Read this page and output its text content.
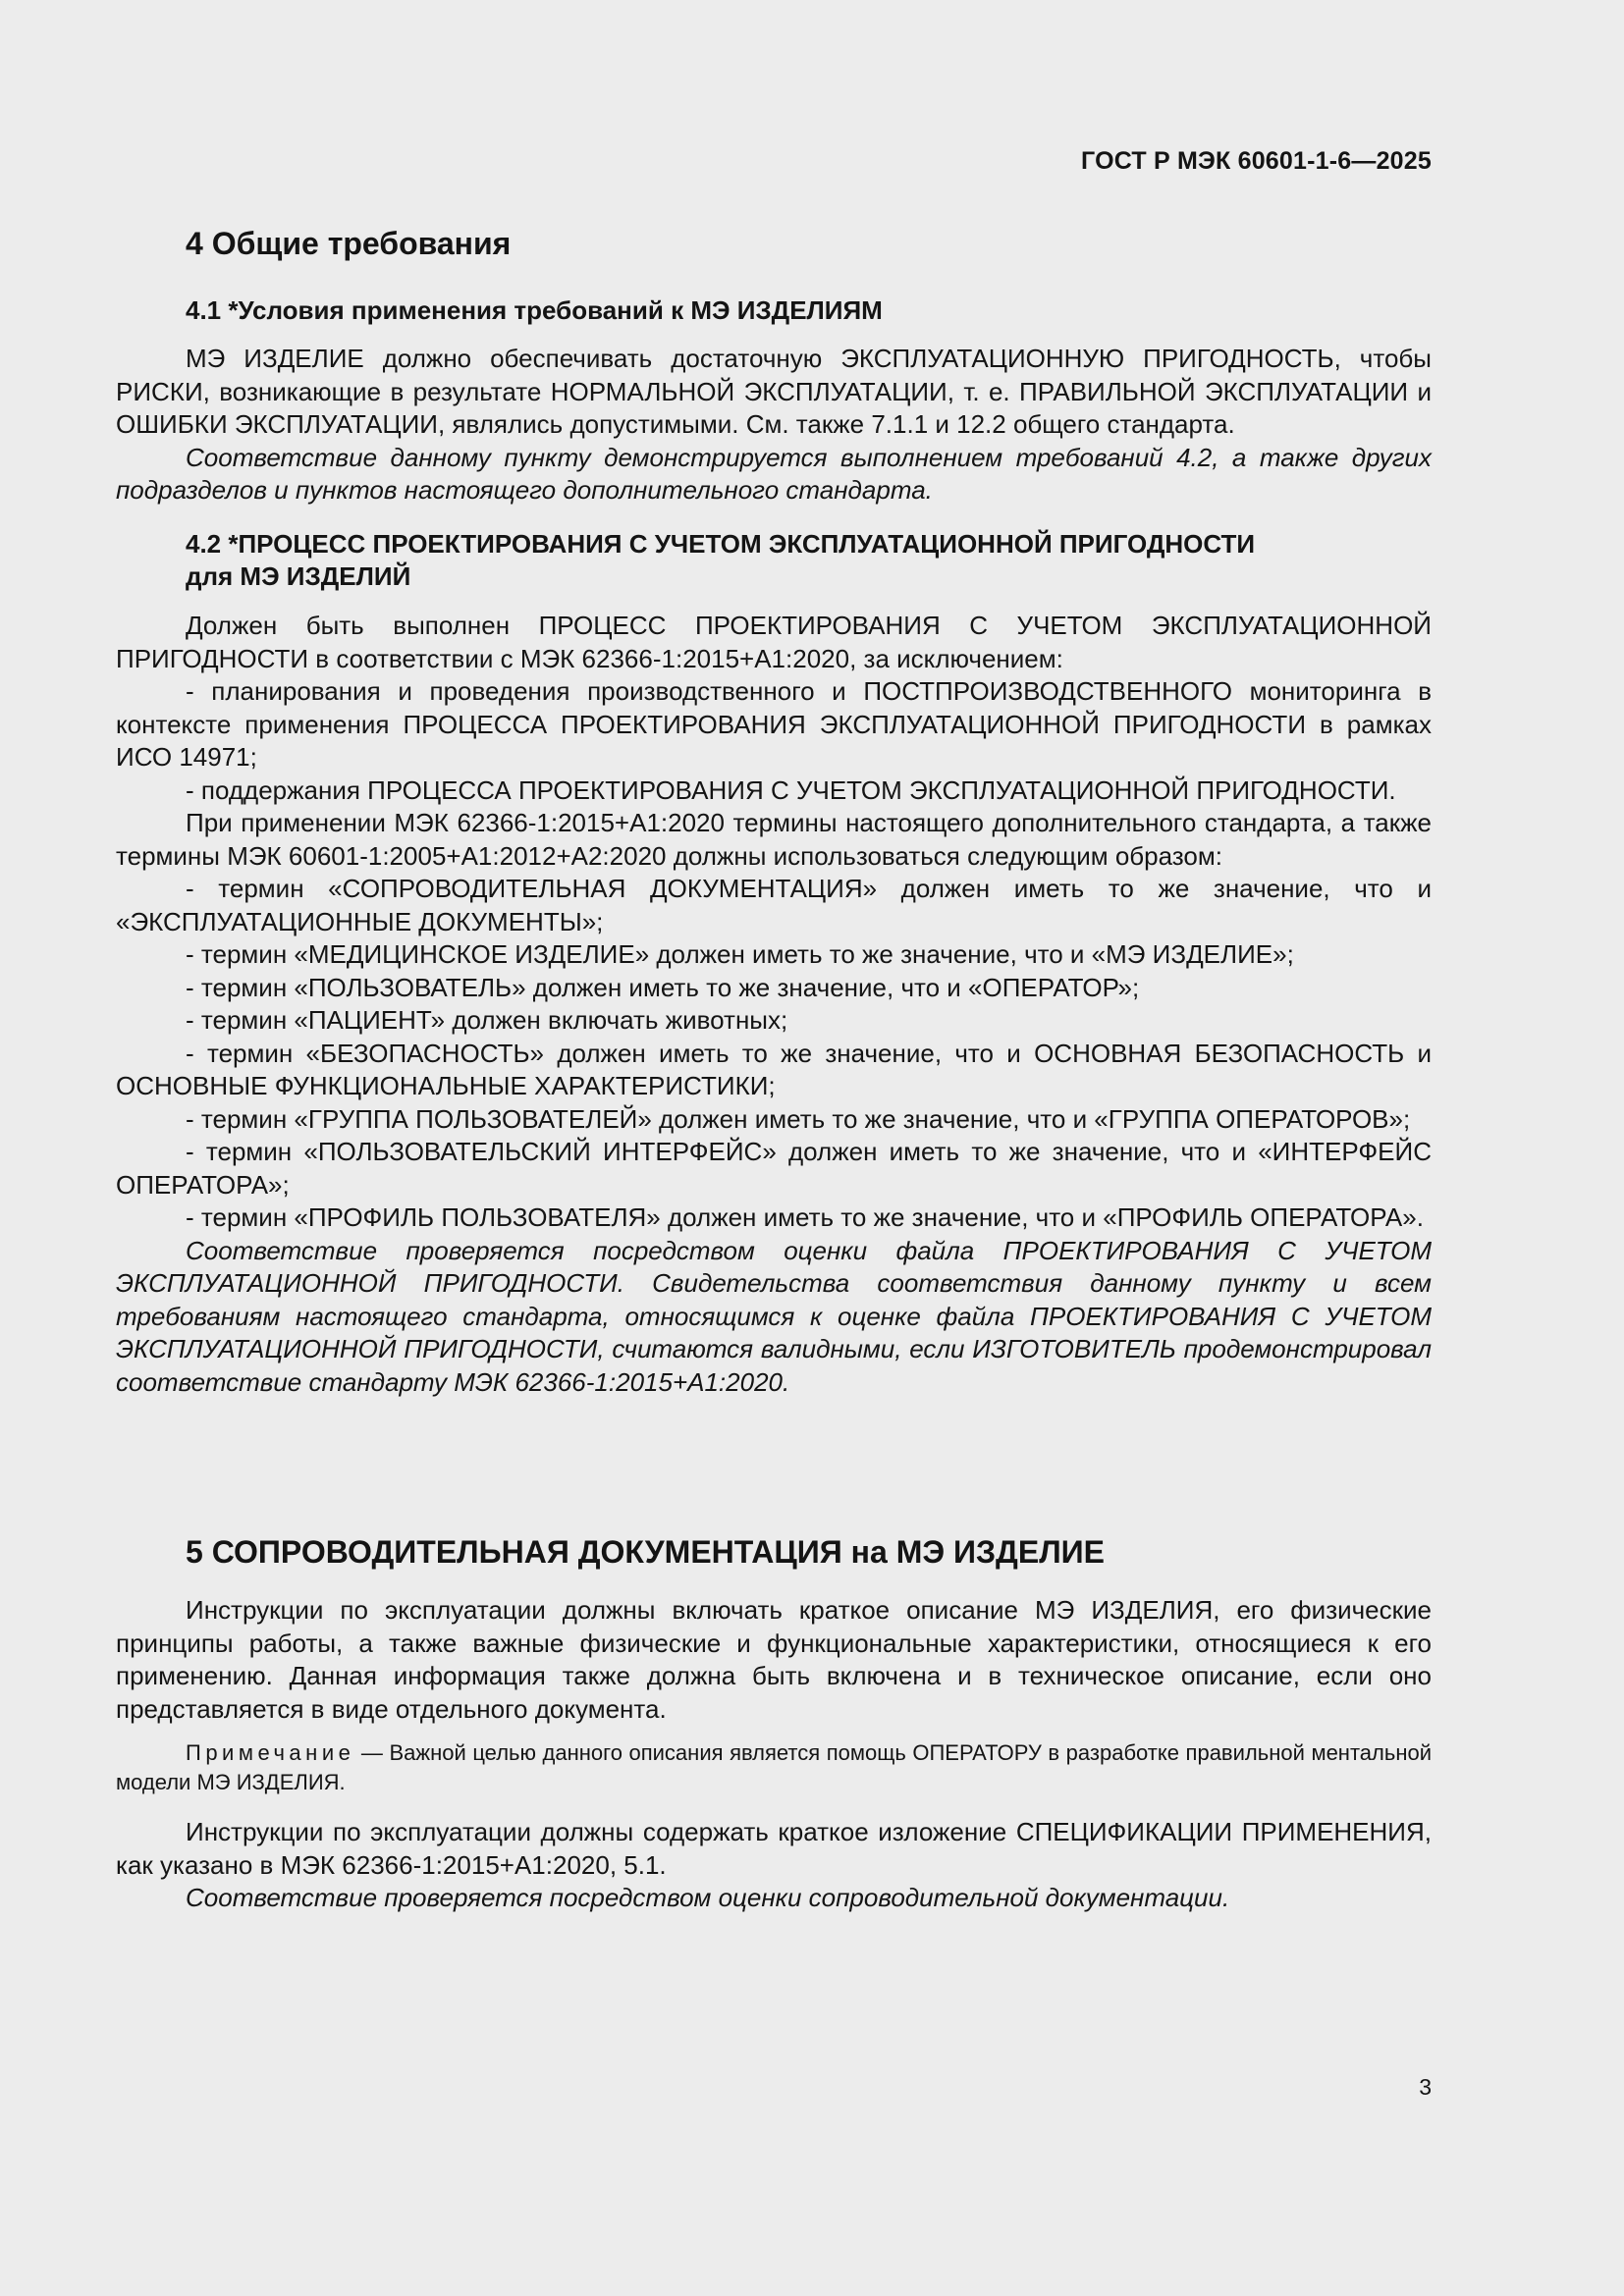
ГОСТ Р МЭК 60601-1-6—2025
4 Общие требования
4.1 *Условия применения требований к МЭ ИЗДЕЛИЯМ

МЭ ИЗДЕЛИЕ должно обеспечивать достаточную ЭКСПЛУАТАЦИОННУЮ ПРИГОДНОСТЬ, чтобы РИСКИ, возникающие в результате НОРМАЛЬНОЙ ЭКСПЛУАТАЦИИ, т. е. ПРАВИЛЬНОЙ ЭКСПЛУАТАЦИИ и ОШИБКИ ЭКСПЛУАТАЦИИ, являлись допустимыми. См. также 7.1.1 и 12.2 общего стандарта.

Соответствие данному пункту демонстрируется выполнением требований 4.2, а также других подразделов и пунктов настоящего дополнительного стандарта.

4.2 *ПРОЦЕСС ПРОЕКТИРОВАНИЯ С УЧЕТОМ ЭКСПЛУАТАЦИОННОЙ ПРИГОДНОСТИ
для МЭ ИЗДЕЛИЙ

Должен быть выполнен ПРОЦЕСС ПРОЕКТИРОВАНИЯ С УЧЕТОМ ЭКСПЛУАТАЦИОННОЙ ПРИГОДНОСТИ в соответствии с МЭК 62366-1:2015+А1:2020, за исключением:

- планирования и проведения производственного и ПОСТПРОИЗВОДСТВЕННОГО мониторинга в контексте применения ПРОЦЕССА ПРОЕКТИРОВАНИЯ ЭКСПЛУАТАЦИОННОЙ ПРИГОДНОСТИ в рамках ИСО 14971;

- поддержания ПРОЦЕССА ПРОЕКТИРОВАНИЯ С УЧЕТОМ ЭКСПЛУАТАЦИОННОЙ ПРИГОДНОСТИ.

При применении МЭК 62366-1:2015+А1:2020 термины настоящего дополнительного стандарта, а также термины МЭК 60601-1:2005+А1:2012+А2:2020 должны использоваться следующим образом:

- термин «СОПРОВОДИТЕЛЬНАЯ ДОКУМЕНТАЦИЯ» должен иметь то же значение, что и «ЭКСПЛУАТАЦИОННЫЕ ДОКУМЕНТЫ»;

- термин «МЕДИЦИНСКОЕ ИЗДЕЛИЕ» должен иметь то же значение, что и «МЭ ИЗДЕЛИЕ»;

- термин «ПОЛЬЗОВАТЕЛЬ» должен иметь то же значение, что и «ОПЕРАТОР»;

- термин «ПАЦИЕНТ» должен включать животных;

- термин «БЕЗОПАСНОСТЬ» должен иметь то же значение, что и ОСНОВНАЯ БЕЗОПАСНОСТЬ и ОСНОВНЫЕ ФУНКЦИОНАЛЬНЫЕ ХАРАКТЕРИСТИКИ;

- термин «ГРУППА ПОЛЬЗОВАТЕЛЕЙ» должен иметь то же значение, что и «ГРУППА ОПЕРАТОРОВ»;

- термин «ПОЛЬЗОВАТЕЛЬСКИЙ ИНТЕРФЕЙС» должен иметь то же значение, что и «ИНТЕРФЕЙС ОПЕРАТОРА»;

- термин «ПРОФИЛЬ ПОЛЬЗОВАТЕЛЯ» должен иметь то же значение, что и «ПРОФИЛЬ ОПЕРАТОРА».

Соответствие проверяется посредством оценки файла ПРОЕКТИРОВАНИЯ С УЧЕТОМ ЭКСПЛУАТАЦИОННОЙ ПРИГОДНОСТИ. Свидетельства соответствия данному пункту и всем требованиям настоящего стандарта, относящимся к оценке файла ПРОЕКТИРОВАНИЯ С УЧЕТОМ ЭКСПЛУАТАЦИОННОЙ ПРИГОДНОСТИ, считаются валидными, если ИЗГОТОВИТЕЛЬ продемонстрировал соответствие стандарту МЭК 62366-1:2015+А1:2020.

5 СОПРОВОДИТЕЛЬНАЯ ДОКУМЕНТАЦИЯ на МЭ ИЗДЕЛИЕ

Инструкции по эксплуатации должны включать краткое описание МЭ ИЗДЕЛИЯ, его физические принципы работы, а также важные физические и функциональные характеристики, относящиеся к его применению. Данная информация также должна быть включена и в техническое описание, если оно представляется в виде отдельного документа.

Примечание — Важной целью данного описания является помощь ОПЕРАТОРУ в разработке правильной ментальной модели МЭ ИЗДЕЛИЯ.

Инструкции по эксплуатации должны содержать краткое изложение СПЕЦИФИКАЦИИ ПРИМЕНЕНИЯ, как указано в МЭК 62366-1:2015+А1:2020, 5.1.

Соответствие проверяется посредством оценки сопроводительной документации.

3
